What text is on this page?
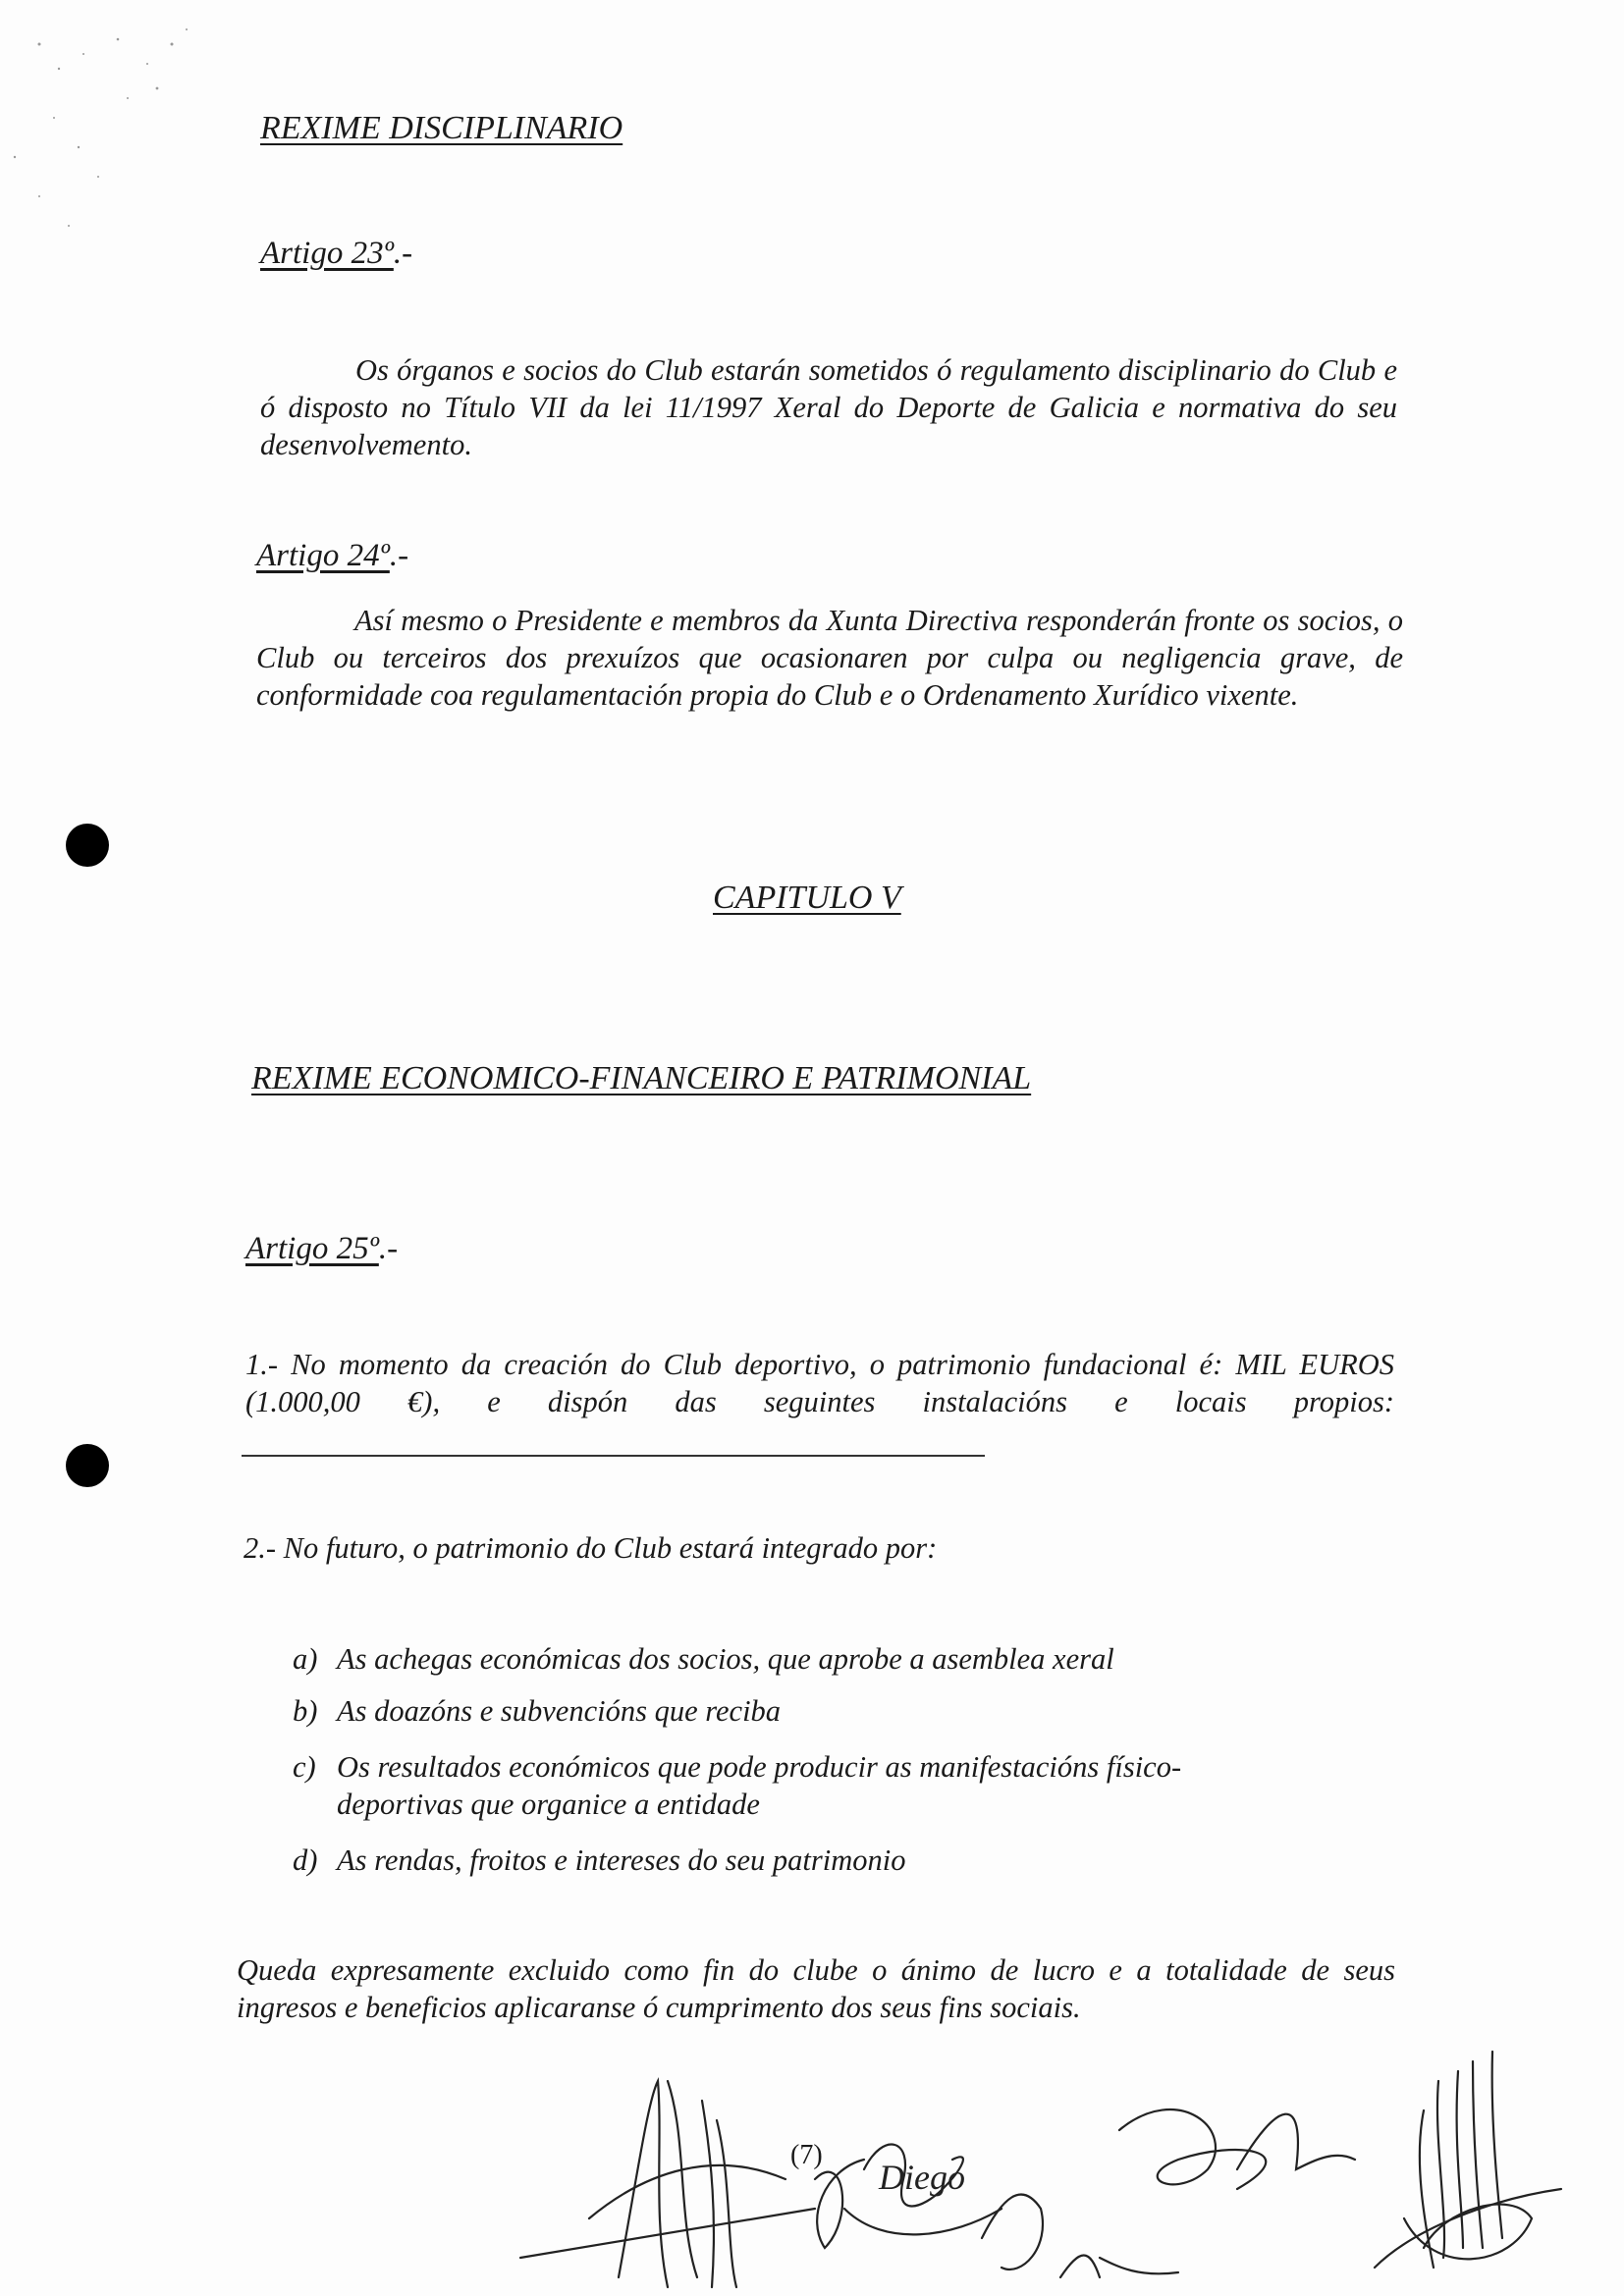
REXIME DISCIPLINARIO
Artigo 23º.-
Os órganos e socios do Club estarán sometidos ó regulamento disciplinario do Club e ó disposto no Título VII da lei 11/1997 Xeral do Deporte de Galicia e normativa do seu desenvolvemento.
Artigo 24º.-
Así mesmo o Presidente e membros da Xunta Directiva responderán fronte os socios, o Club ou terceiros dos prexuízos que ocasionaren por culpa ou negligencia grave, de conformidade coa regulamentación propia do Club e o Ordenamento Xurídico vixente.
CAPITULO V
REXIME ECONOMICO-FINANCEIRO E PATRIMONIAL
Artigo 25º.-
1.- No momento da creación do Club deportivo, o patrimonio fundacional é: MIL EUROS (1.000,00 €), e dispón das seguintes instalacións e locais propios:
2.- No futuro, o patrimonio do Club estará integrado por:
a) As achegas económicas dos socios, que aprobe a asemblea xeral
b) As doazóns e subvencións que reciba
c) Os resultados económicos que pode producir as manifestacións físico-deportivas que organice a entidade
d) As rendas, froitos e intereses do seu patrimonio
Queda expresamente excluido como fin do clube o ánimo de lucro e a totalidade de seus ingresos e beneficios aplicaranse ó cumprimento dos seus fins sociais.
(7)
Diego
